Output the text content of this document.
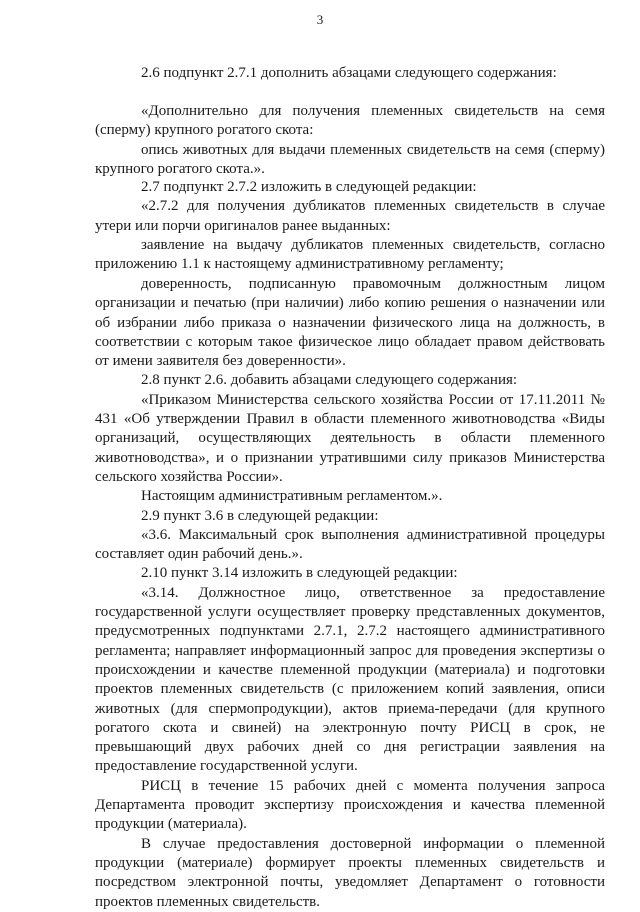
3

2.6 подпункт 2.7.1 дополнить абзацами следующего содержания:

«Дополнительно для получения племенных свидетельств на семя (сперму) крупного рогатого скота:

опись животных для выдачи племенных свидетельств на семя (сперму) крупного рогатого скота.».

2.7 подпункт 2.7.2 изложить в следующей редакции:

«2.7.2 для получения дубликатов племенных свидетельств в случае утери или порчи оригиналов ранее выданных:

заявление на выдачу дубликатов племенных свидетельств, согласно приложению 1.1 к настоящему административному регламенту;

доверенность, подписанную правомочным должностным лицом организации и печатью (при наличии) либо копию решения о назначении или об избрании либо приказа о назначении физического лица на должность, в соответствии с которым такое физическое лицо обладает правом действовать от имени заявителя без доверенности».

2.8 пункт 2.6. добавить абзацами следующего содержания:

«Приказом Министерства сельского хозяйства России от 17.11.2011 № 431 «Об утверждении Правил в области племенного животноводства «Виды организаций, осуществляющих деятельность в области племенного животноводства», и о признании утратившими силу приказов Министерства сельского хозяйства России».

Настоящим административным регламентом.».

2.9 пункт 3.6 в следующей редакции:

«3.6. Максимальный срок выполнения административной процедуры составляет один рабочий день.».

2.10 пункт 3.14 изложить в следующей редакции:

«3.14. Должностное лицо, ответственное за предоставление государственной услуги осуществляет проверку представленных документов, предусмотренных подпунктами 2.7.1, 2.7.2 настоящего административного регламента; направляет информационный запрос для проведения экспертизы о происхождении и качестве племенной продукции (материала) и подготовки проектов племенных свидетельств (с приложением копий заявления, описи животных (для спермопродукции), актов приема-передачи (для крупного рогатого скота и свиней) на электронную почту РИСЦ в срок, не превышающий двух рабочих дней со дня регистрации заявления на предоставление государственной услуги.

РИСЦ в течение 15 рабочих дней с момента получения запроса Департамента проводит экспертизу происхождения и качества племенной продукции (материала).

В случае предоставления достоверной информации о племенной продукции (материале) формирует проекты племенных свидетельств и посредством электронной почты, уведомляет Департамент о готовности проектов племенных свидетельств.
